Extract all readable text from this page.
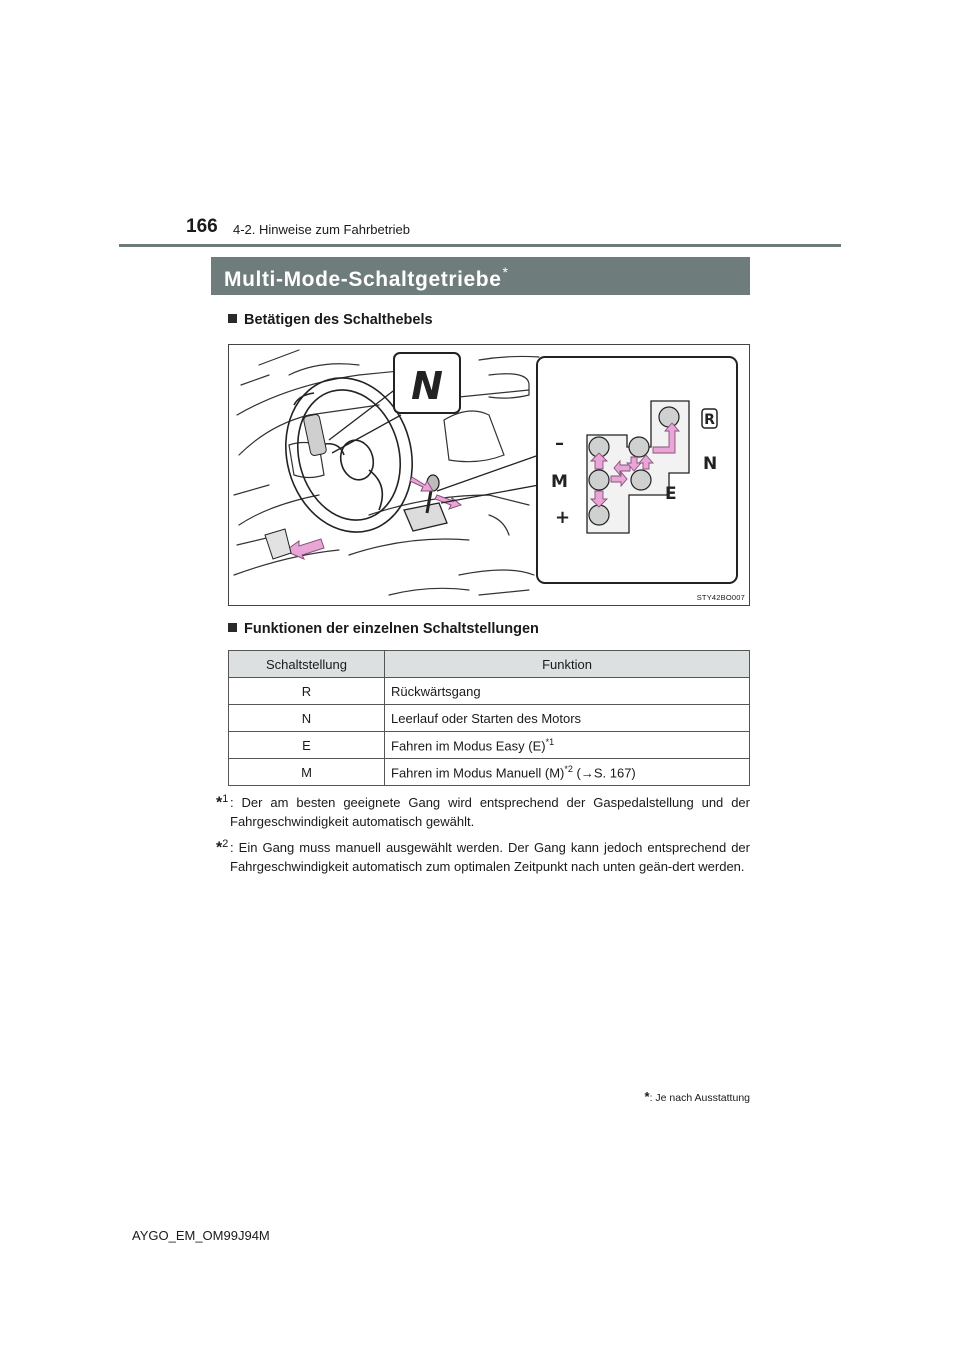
166 4-2. Hinweise zum Fahrbetrieb
Multi-Mode-Schaltgetriebe*
Betätigen des Schalthebels
N
–
M
+
R
N
E
STY42BO007
Funktionen der einzelnen Schaltstellungen
Schaltstellung	Funktion
R	Rückwärtsgang
N	Leerlauf oder Starten des Motors
E	Fahren im Modus Easy $(E)^{*1}$
M	Fahren im Modus Manuell $(M)^{*2}$ (→S. 167)
*$^1$ : Der am besten geeignete Gang wird entsprechend der Gaspedalstellung und der Fahrgeschwindigkeit automatisch gewählt.
*$^2$ : Ein Gang muss manuell ausgewählt werden. Der Gang kann jedoch entsprechend der Fahrgeschwindigkeit automatisch zum optimalen Zeitpunkt nach unten geän-dert werden.
*: Je nach Ausstattung
AYGO_EM_OM99J94M
